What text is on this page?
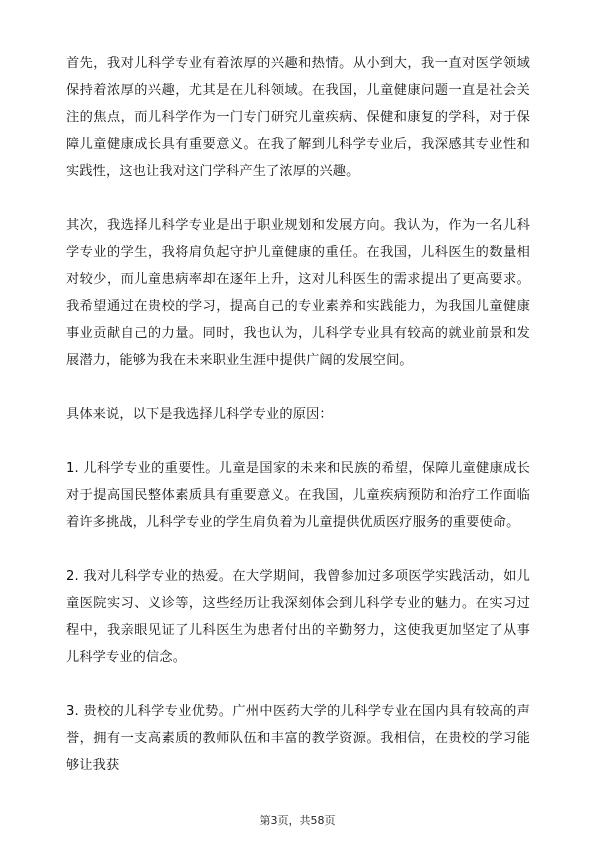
首先，我对儿科学专业有着浓厚的兴趣和热情。从小到大，我一直对医学领域保持着浓厚的兴趣，尤其是在儿科领域。在我国，儿童健康问题一直是社会关注的焦点，而儿科学作为一门专门研究儿童疾病、保健和康复的学科，对于保障儿童健康成长具有重要意义。在我了解到儿科学专业后，我深感其专业性和实践性，这也让我对这门学科产生了浓厚的兴趣。

其次，我选择儿科学专业是出于职业规划和发展方向。我认为，作为一名儿科学专业的学生，我将肩负起守护儿童健康的重任。在我国，儿科医生的数量相对较少，而儿童患病率却在逐年上升，这对儿科医生的需求提出了更高要求。我希望通过在贵校的学习，提高自己的专业素养和实践能力，为我国儿童健康事业贡献自己的力量。同时，我也认为，儿科学专业具有较高的就业前景和发展潜力，能够为我在未来职业生涯中提供广阔的发展空间。

具体来说，以下是我选择儿科学专业的原因：

1. 儿科学专业的重要性。儿童是国家的未来和民族的希望，保障儿童健康成长对于提高国民整体素质具有重要意义。在我国，儿童疾病预防和治疗工作面临着许多挑战，儿科学专业的学生肩负着为儿童提供优质医疗服务的重要使命。

2. 我对儿科学专业的热爱。在大学期间，我曾参加过多项医学实践活动，如儿童医院实习、义诊等，这些经历让我深刻体会到儿科学专业的魅力。在实习过程中，我亲眼见证了儿科医生为患者付出的辛勤努力，这使我更加坚定了从事儿科学专业的信念。

3. 贵校的儿科学专业优势。广州中医药大学的儿科学专业在国内具有较高的声誉，拥有一支高素质的教师队伍和丰富的教学资源。我相信，在贵校的学习能够让我获

第3页，共58页
